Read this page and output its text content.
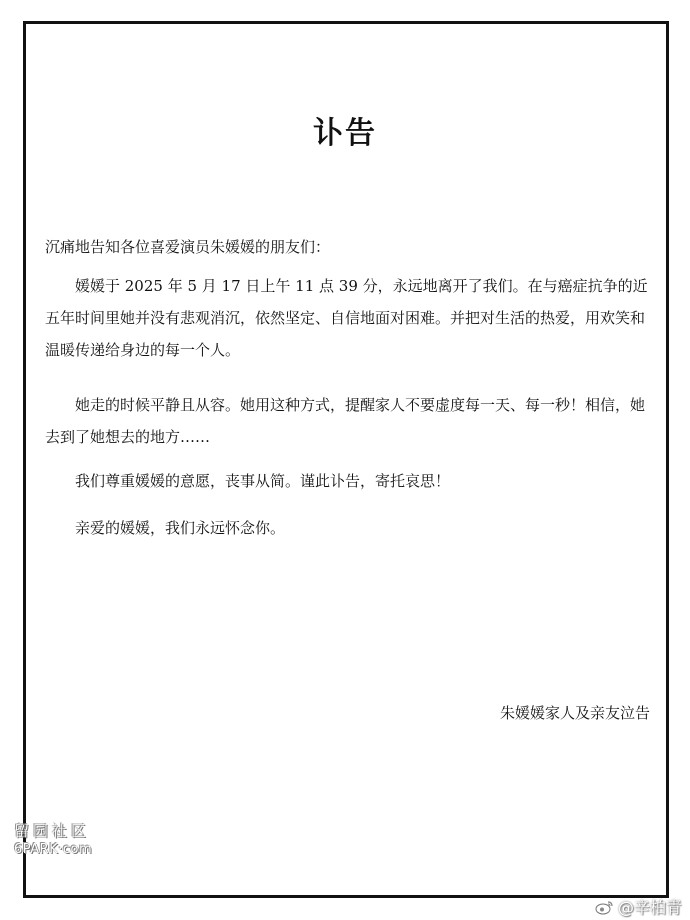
讣告

沉痛地告知各位喜爱演员朱媛媛的朋友们：

媛媛于 2025 年 5 月 17 日上午 11 点 39 分，永远地离开了我们。在与癌症抗争的近五年时间里她并没有悲观消沉，依然坚定、自信地面对困难。并把对生活的热爱，用欢笑和温暖传递给身边的每一个人。

她走的时候平静且从容。她用这种方式，提醒家人不要虚度每一天、每一秒！相信，她去到了她想去的地方……

我们尊重媛媛的意愿，丧事从简。谨此讣告，寄托哀思！

亲爱的媛媛，我们永远怀念你。

朱媛媛家人及亲友泣告
留园社区
6PARK·com
@辛柏青
